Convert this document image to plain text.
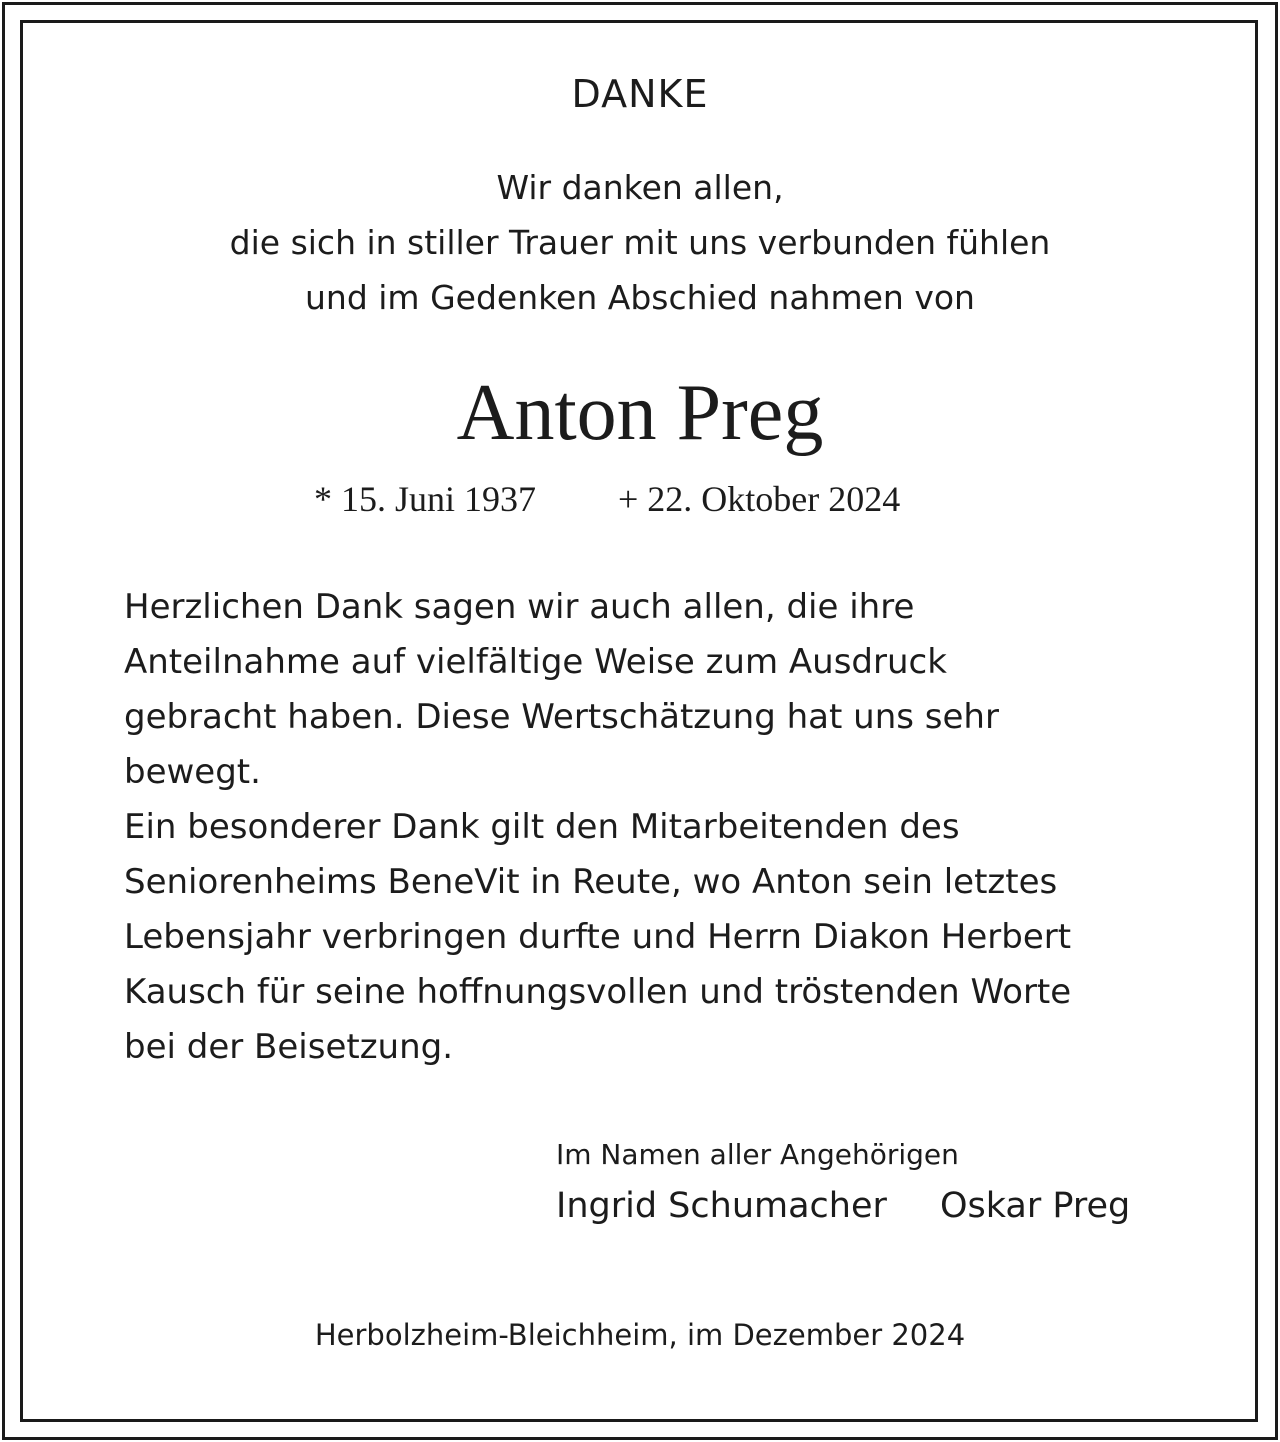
DANKE
Wir danken allen,
die sich in stiller Trauer mit uns verbunden fühlen
und im Gedenken Abschied nahmen von
Anton Preg
* 15. Juni 1937 + 22. Oktober 2024
Herzlichen Dank sagen wir auch allen, die ihre
Anteilnahme auf vielfältige Weise zum Ausdruck
gebracht haben. Diese Wertschätzung hat uns sehr
bewegt.
Ein besonderer Dank gilt den Mitarbeitenden des
Seniorenheims BeneVit in Reute, wo Anton sein letztes
Lebensjahr verbringen durfte und Herrn Diakon Herbert
Kausch für seine hoffnungsvollen und tröstenden Worte
bei der Beisetzung.
Im Namen aller Angehörigen
Ingrid Schumacher Oskar Preg
Herbolzheim-Bleichheim, im Dezember 2024
